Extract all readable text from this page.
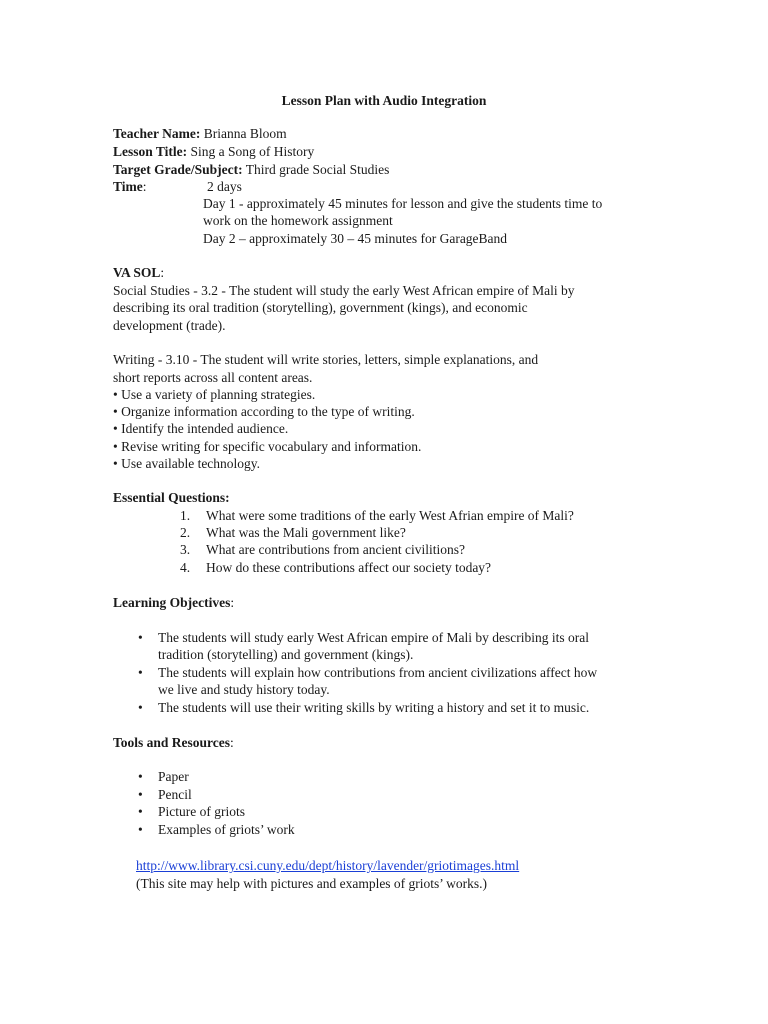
Lesson Plan with Audio Integration
Teacher Name: Brianna Bloom
Lesson Title: Sing a Song of History
Target Grade/Subject: Third grade Social Studies
Time:	2 days
Day 1 - approximately 45 minutes for lesson and give the students time to
work on the homework assignment
Day 2 – approximately 30 – 45 minutes for GarageBand
VA SOL:
Social Studies - 3.2 - The student will study the early West African empire of Mali by
describing its oral tradition (storytelling), government (kings), and economic
development (trade).
Writing - 3.10 - The student will write stories, letters, simple explanations, and
short reports across all content areas.
• Use a variety of planning strategies.
• Organize information according to the type of writing.
• Identify the intended audience.
• Revise writing for specific vocabulary and information.
• Use available technology.
Essential Questions:
1. What were some traditions of the early West Afrian empire of Mali?
2. What was the Mali government like?
3. What are contributions from ancient civilitions?
4. How do these contributions affect our society today?
Learning Objectives:
• The students will study early West African empire of Mali by describing its oral
tradition (storytelling) and government (kings).
• The students will explain how contributions from ancient civilizations affect how
we live and study history today.
• The students will use their writing skills by writing a history and set it to music.
Tools and Resources:
• Paper
• Pencil
• Picture of griots
• Examples of griots’ work
http://www.library.csi.cuny.edu/dept/history/lavender/griotimages.html
(This site may help with pictures and examples of griots’ works.)
